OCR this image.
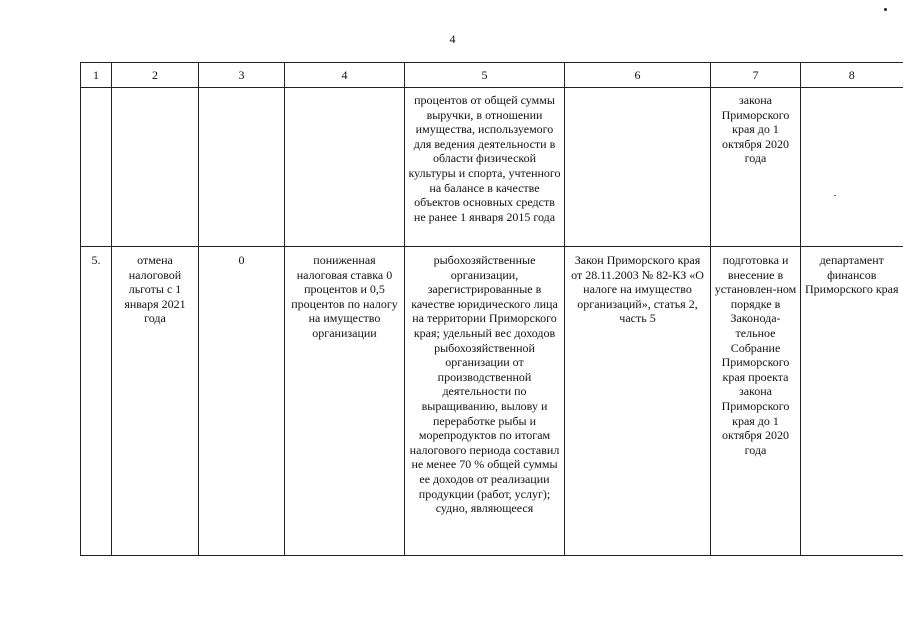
4
1	2	3	4	5	6	7	8
				процентов от общей суммы выручки, в отношении имущества, используемого для ведения деятельности в области физической культуры и спорта, учтенного на балансе в качестве объектов основных средств не ранее 1 января 2015 года		закона Приморского края до 1 октября 2020 года	
5.	отмена налоговой льготы с 1 января 2021 года	0	пониженная налоговая ставка 0 процентов и 0,5 процентов по налогу на имущество организации	рыбохозяйственные организации, зарегистрированные в качестве юридического лица на территории Приморского края; удельный вес доходов рыбохозяйственной организации от производственной деятельности по выращиванию, вылову и переработке рыбы и морепродуктов по итогам налогового периода составил не менее 70 % общей суммы ее доходов от реализации продукции (работ, услуг); судно, являющееся	Закон Приморского края от 28.11.2003 № 82-КЗ «О налоге на имущество организаций», статья 2, часть 5	подготовка и внесение в установлен-ном порядке в Законода-тельное Собрание Приморского края проекта закона Приморского края до 1 октября 2020 года	департамент финансов Приморского края
